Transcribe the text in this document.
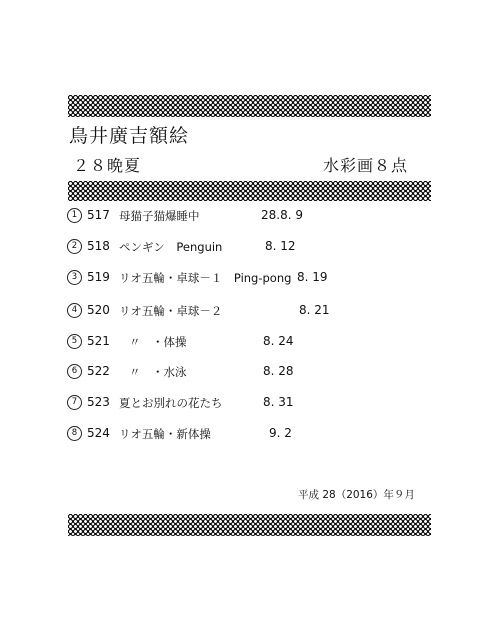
鳥井廣吉額絵
２８晩夏	水彩画８点
1 517 母猫子猫爆睡中	28.8. 9
2 518 ペンギン　Penguin	8. 12
3 519 リオ五輪・卓球－１　Ping-pong 8. 19
4 520 リオ五輪・卓球－２	8. 21
5 521 〃　・体操	8. 24
6 522 〃　・水泳	8. 28
7 523 夏とお別れの花たち	8. 31
8 524 リオ五輪・新体操	9. 2
平成 28（2016）年９月
